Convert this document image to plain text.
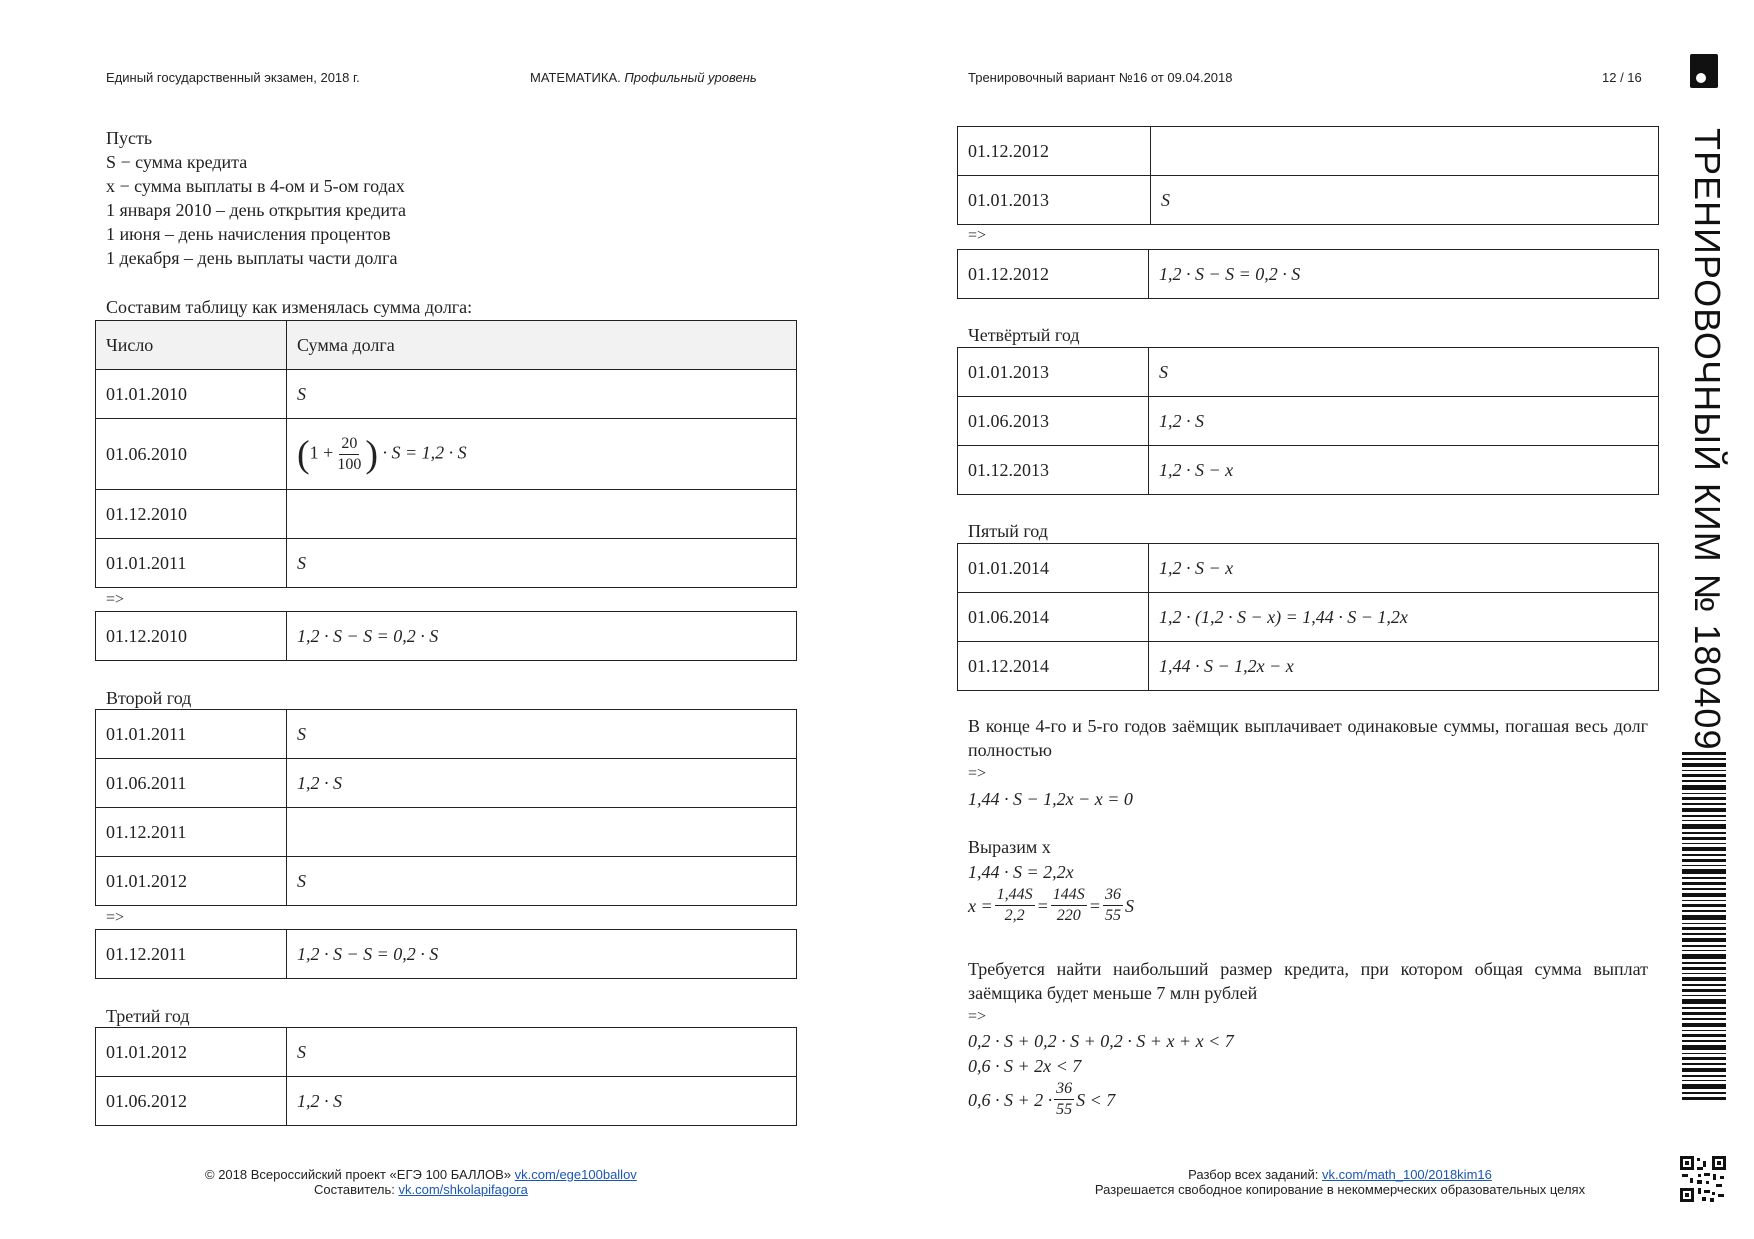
Единый государственный экзамен, 2018 г.	МАТЕМАТИКА. Профильный уровень	Тренировочный вариант №16 от 09.04.2018	12 / 16
ТРЕНИРОВОЧНЫЙ КИМ № 180409
Пусть
S − сумма кредита
x − сумма выплаты в 4-ом и 5-ом годах
1 января 2010 – день открытия кредита
1 июня – день начисления процентов
1 декабря – день выплаты части долга
Составим таблицу как изменялась сумма долга:
Число	Сумма долга
01.01.2010	S
01.06.2010	($1 + \frac{20}{100}$ ) · S = 1,2 · S
01.12.2010	
01.01.2011	S
=>
01.12.2010	1,2 · S − S = 0,2 · S
Второй год
01.01.2011	S
01.06.2011	1,2 · S
01.12.2011	
01.01.2012	S
=>
01.12.2011	1,2 · S − S = 0,2 · S
Третий год
01.01.2012	S
01.06.2012	1,2 · S
01.12.2012	
01.01.2013	S
=>
01.12.2012	1,2 · S − S = 0,2 · S
Четвёртый год
01.01.2013	S
01.06.2013	1,2 · S
01.12.2013	1,2 · S − x
Пятый год
01.01.2014	1,2 · S − x
01.06.2014	1,2 · (1,2 · S − x) = 1,44 · S − 1,2x
01.12.2014	1,44 · S − 1,2x − x
В конце 4-го и 5-го годов заёмщик выплачивает одинаковые суммы, погашая весь долг полностью
=>
1,44 · S − 1,2x − x = 0
Выразим x
1,44 · S = 2,2x
$x = \frac{1,44S}{2,2} = \frac{144S}{220} = \frac{36}{55}$ S
Требуется найти наибольший размер кредита, при котором общая сумма выплат заёмщика будет меньше 7 млн рублей
=>
0,2 · S + 0,2 · S + 0,2 · S + x + x < 7
0,6 · S + 2x < 7
$0,6 \cdot S + 2 \cdot \frac{36}{55}$ S < 7
© 2018 Всероссийский проект «ЕГЭ 100 БАЛЛОВ» vk.com/ege100ballov
Составитель: vk.com/shkolapifagora
Разбор всех заданий: vk.com/math_100/2018kim16
Разрешается свободное копирование в некоммерческих образовательных целях
